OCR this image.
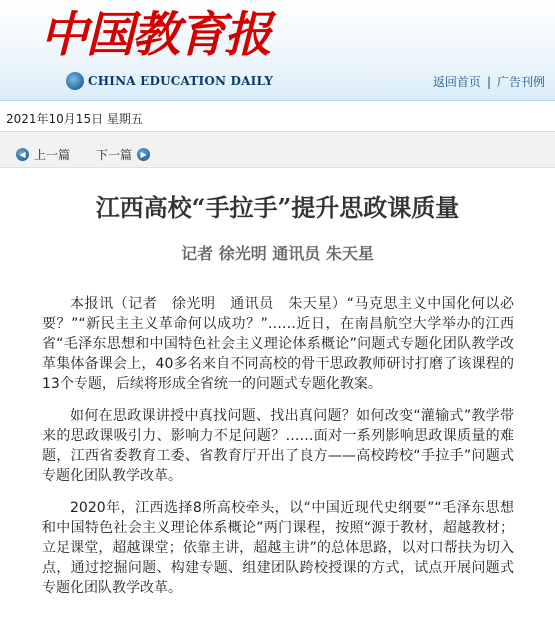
中国教育报
CHINA EDUCATION DAILY	返回首页 | 广告刊例
2021年10月15日 星期五
◀ 上一篇 下一篇	▶
江西高校“手拉手”提升思政课质量
记者 徐光明 通讯员 朱天星

本报讯（记者　徐光明　通讯员　朱天星）“马克思主义中国化何以必要？”“新民主主义革命何以成功？”……近日，在南昌航空大学举办的江西省“毛泽东思想和中国特色社会主义理论体系概论”问题式专题化团队教学改革集体备课会上，40多名来自不同高校的骨干思政教师研讨打磨了该课程的13个专题，后续将形成全省统一的问题式专题化教案。

如何在思政课讲授中真找问题、找出真问题？如何改变“灌输式”教学带来的思政课吸引力、影响力不足问题？……面对一系列影响思政课质量的难题，江西省委教育工委、省教育厅开出了良方——高校跨校“手拉手”问题式专题化团队教学改革。

2020年，江西选择8所高校牵头，以“中国近现代史纲要”“毛泽东思想和中国特色社会主义理论体系概论”两门课程，按照“源于教材，超越教材；立足课堂，超越课堂；依靠主讲，超越主讲”的总体思路，以对口帮扶为切入点，通过挖掘问题、构建专题、组建团队跨校授课的方式，试点开展问题式专题化团队教学改革。
